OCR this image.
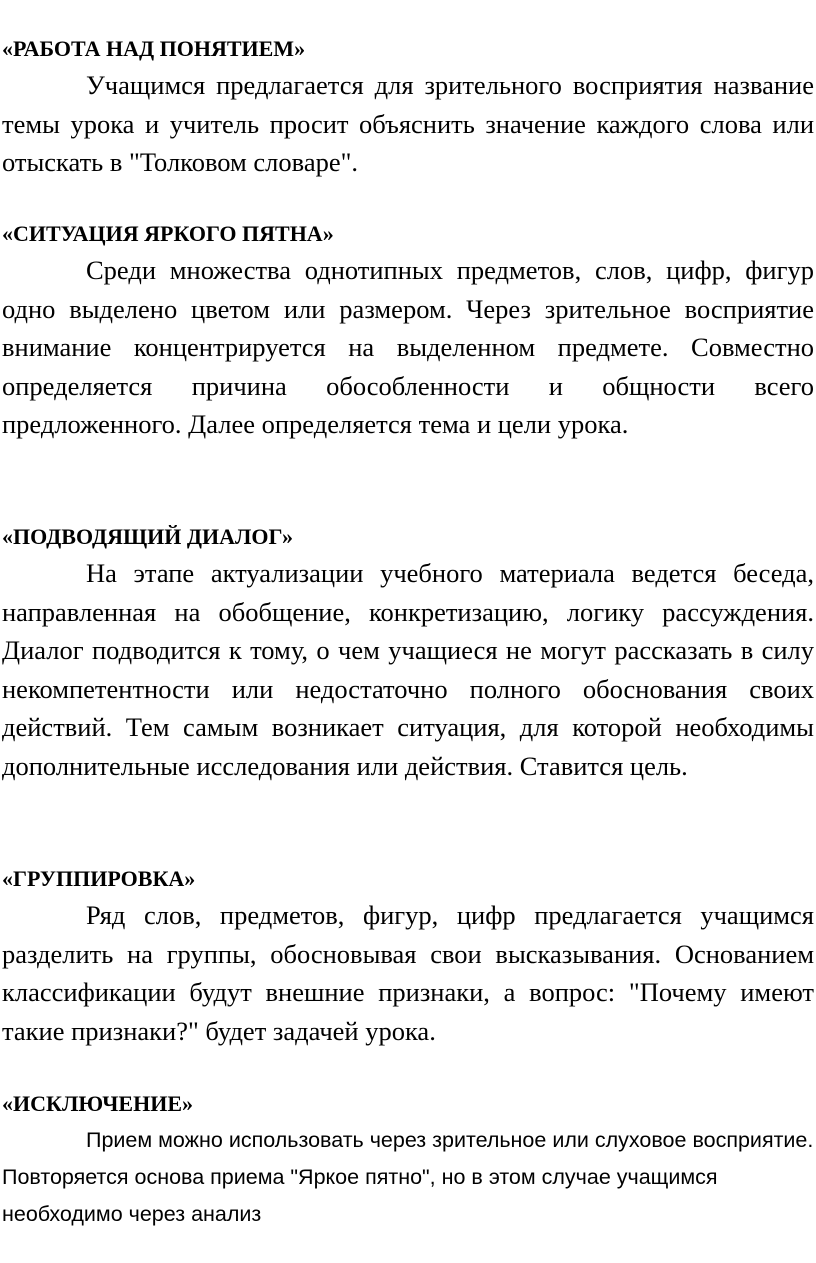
«РАБОТА НАД ПОНЯТИЕМ»

Учащимся предлагается для зрительного восприятия название темы урока и учитель просит объяснить значение каждого слова или отыскать в "Толковом словаре".

«СИТУАЦИЯ ЯРКОГО ПЯТНА»

Среди множества однотипных предметов, слов, цифр, фигур одно выделено цветом или размером. Через зрительное восприятие внимание концентрируется на выделенном предмете. Совместно определяется причина обособленности и общности всего предложенного. Далее определяется тема и цели урока.

«ПОДВОДЯЩИЙ ДИАЛОГ»

На этапе актуализации учебного материала ведется беседа, направленная на обобщение, конкретизацию, логику рассуждения. Диалог подводится к тому, о чем учащиеся не могут рассказать в силу некомпетентности или недостаточно полного обоснования своих действий. Тем самым возникает ситуация, для которой необходимы дополнительные исследования или действия. Ставится цель.

«ГРУППИРОВКА»

Ряд слов, предметов, фигур, цифр предлагается учащимся разделить на группы, обосновывая свои высказывания. Основанием классификации будут внешние признаки, а вопрос: "Почему имеют такие признаки?" будет задачей урока.

«ИСКЛЮЧЕНИЕ»

Прием можно использовать через зрительное или слуховое восприятие. Повторяется основа приема "Яркое пятно", но в этом случае учащимся необходимо через анализ
